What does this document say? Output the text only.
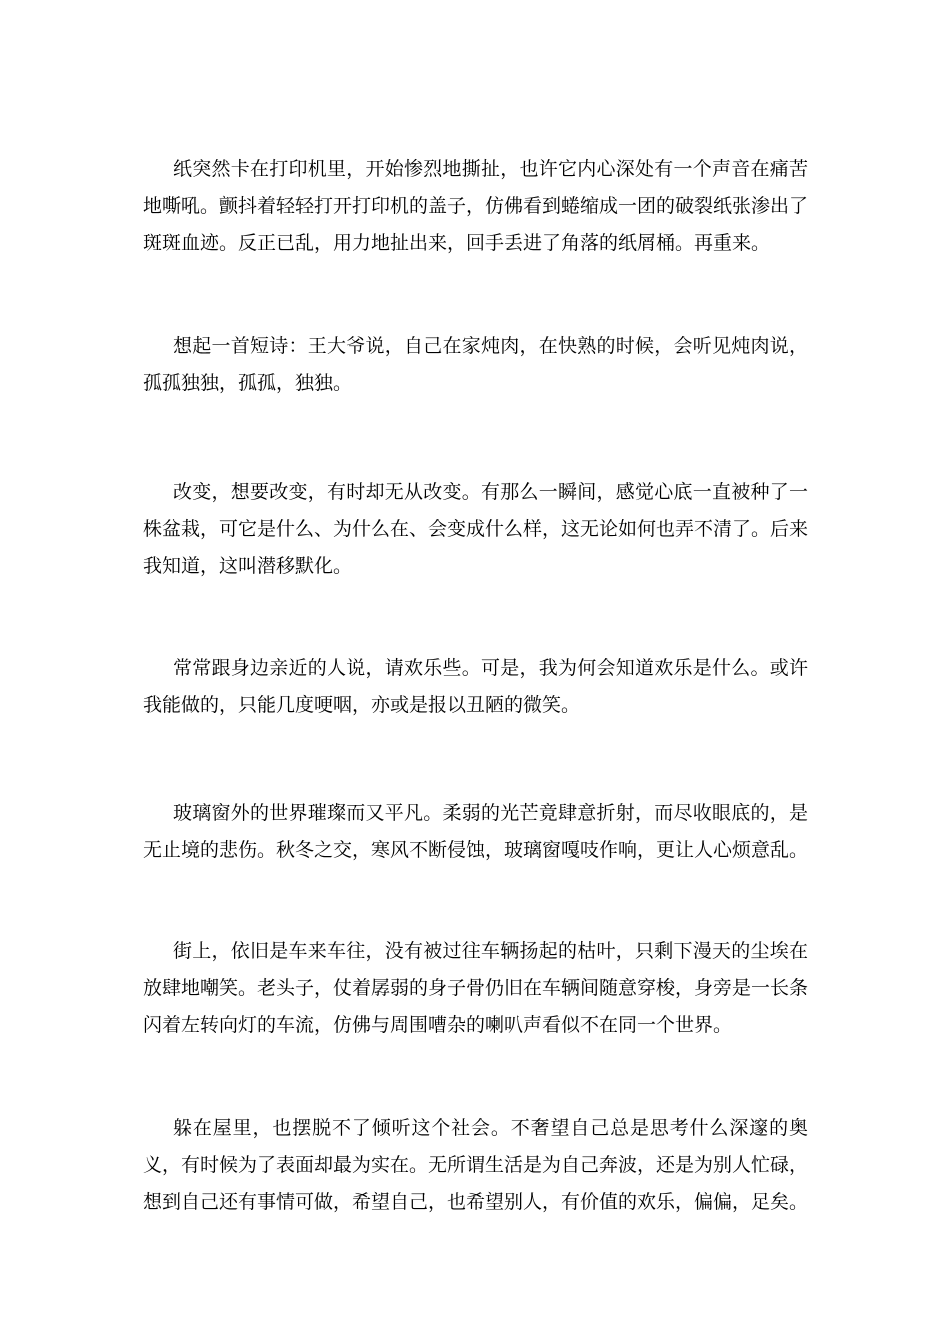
纸突然卡在打印机里，开始惨烈地撕扯，也许它内心深处有一个声音在痛苦地嘶吼。颤抖着轻轻打开打印机的盖子，仿佛看到蜷缩成一团的破裂纸张渗出了斑斑血迹。反正已乱，用力地扯出来，回手丢进了角落的纸屑桶。再重来。

想起一首短诗：王大爷说，自己在家炖肉，在快熟的时候，会听见炖肉说，孤孤独独，孤孤，独独。

改变，想要改变，有时却无从改变。有那么一瞬间，感觉心底一直被种了一株盆栽，可它是什么、为什么在、会变成什么样，这无论如何也弄不清了。后来我知道，这叫潜移默化。

常常跟身边亲近的人说，请欢乐些。可是，我为何会知道欢乐是什么。或许我能做的，只能几度哽咽，亦或是报以丑陋的微笑。

玻璃窗外的世界璀璨而又平凡。柔弱的光芒竟肆意折射，而尽收眼底的，是无止境的悲伤。秋冬之交，寒风不断侵蚀，玻璃窗嘎吱作响，更让人心烦意乱。

街上，依旧是车来车往，没有被过往车辆扬起的枯叶，只剩下漫天的尘埃在放肆地嘲笑。老头子，仗着孱弱的身子骨仍旧在车辆间随意穿梭，身旁是一长条闪着左转向灯的车流，仿佛与周围嘈杂的喇叭声看似不在同一个世界。

躲在屋里，也摆脱不了倾听这个社会。不奢望自己总是思考什么深邃的奥义，有时候为了表面却最为实在。无所谓生活是为自己奔波，还是为别人忙碌，想到自己还有事情可做，希望自己，也希望别人，有价值的欢乐，偏偏，足矣。
